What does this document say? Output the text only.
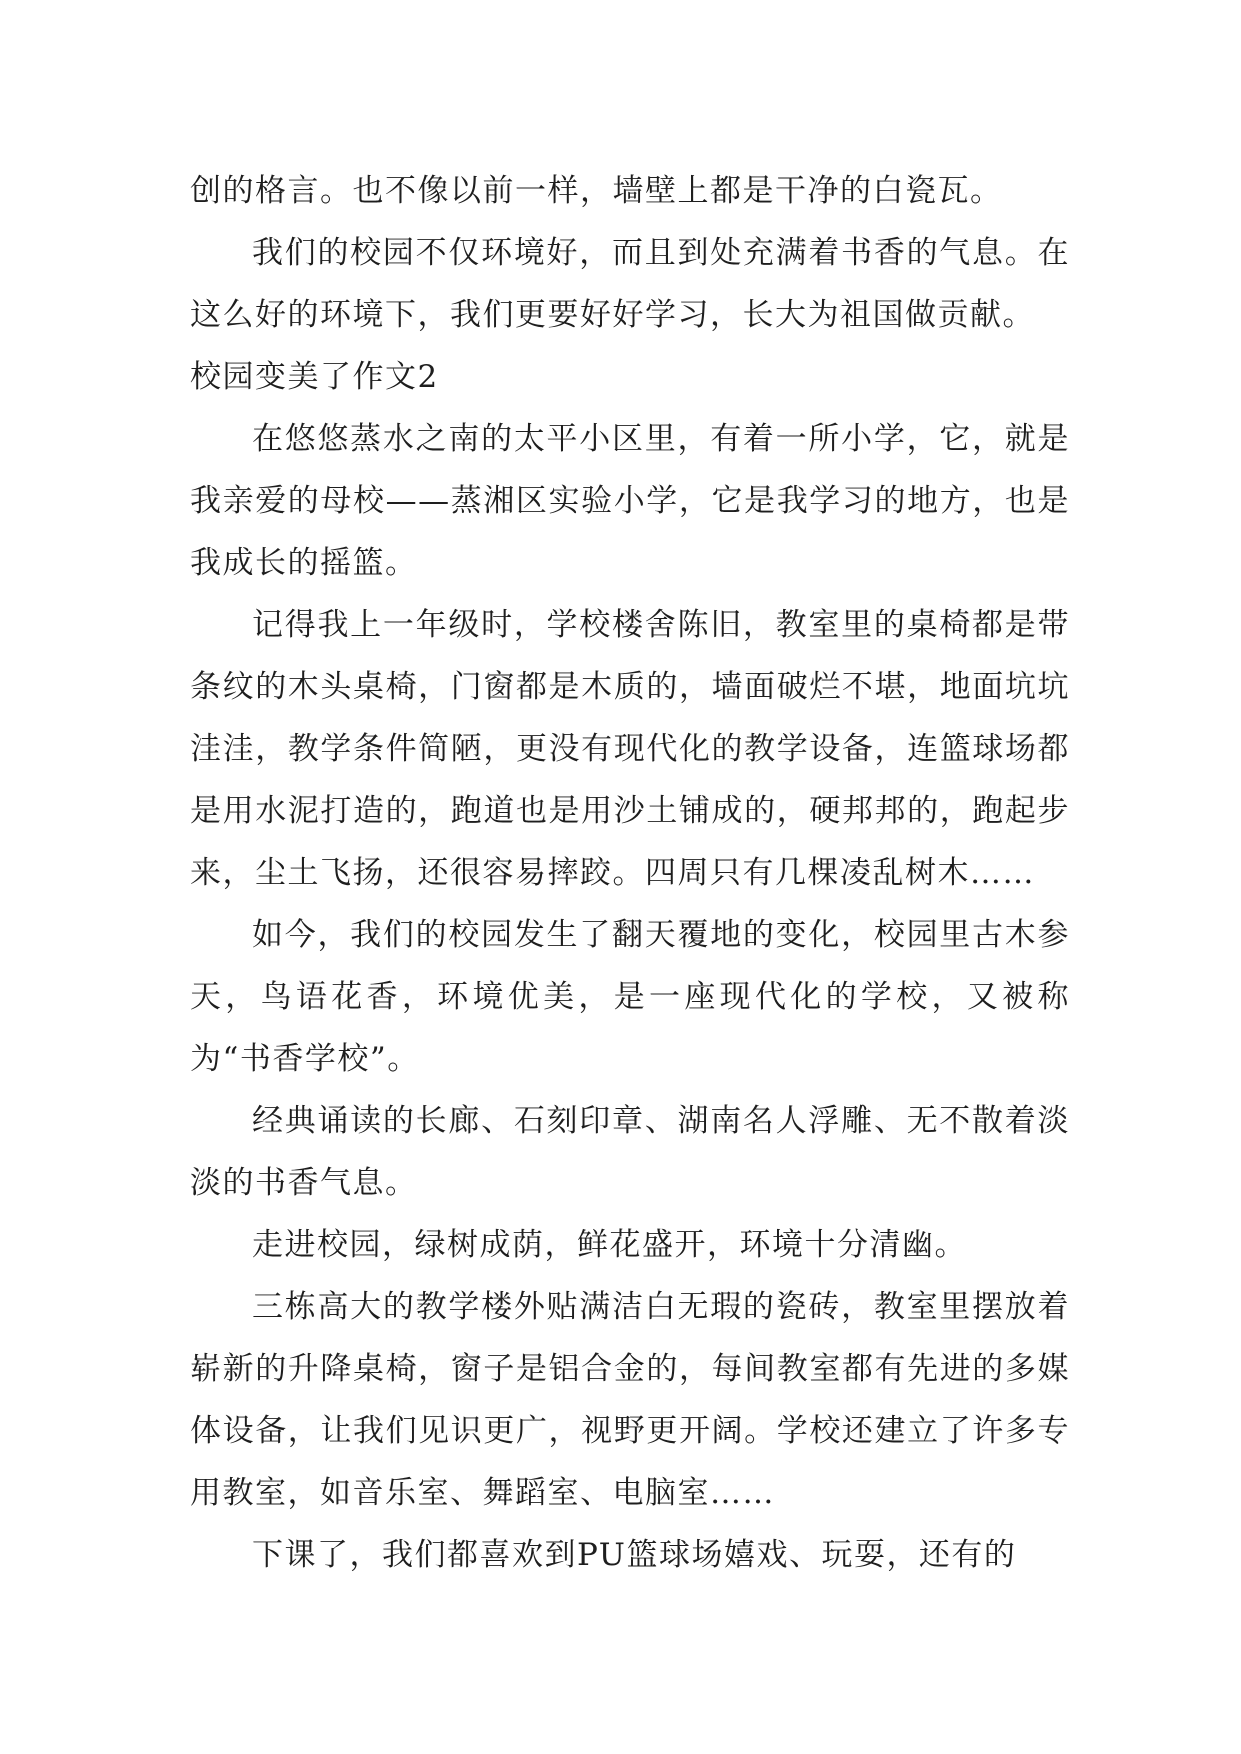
创的格言。也不像以前一样，墙壁上都是干净的白瓷瓦。

我们的校园不仅环境好，而且到处充满着书香的气息。在这么好的环境下，我们更要好好学习，长大为祖国做贡献。

校园变美了作文2

在悠悠蒸水之南的太平小区里，有着一所小学，它，就是我亲爱的母校——蒸湘区实验小学，它是我学习的地方，也是我成长的摇篮。

记得我上一年级时，学校楼舍陈旧，教室里的桌椅都是带条纹的木头桌椅，门窗都是木质的，墙面破烂不堪，地面坑坑洼洼，教学条件简陋，更没有现代化的教学设备，连篮球场都是用水泥打造的，跑道也是用沙土铺成的，硬邦邦的，跑起步来，尘土飞扬，还很容易摔跤。四周只有几棵凌乱树木……

如今，我们的校园发生了翻天覆地的变化，校园里古木参天，鸟语花香，环境优美，是一座现代化的学校，又被称为“书香学校”。

经典诵读的长廊、石刻印章、湖南名人浮雕、无不散着淡淡的书香气息。

走进校园，绿树成荫，鲜花盛开，环境十分清幽。

三栋高大的教学楼外贴满洁白无瑕的瓷砖，教室里摆放着崭新的升降桌椅，窗子是铝合金的，每间教室都有先进的多媒体设备，让我们见识更广，视野更开阔。学校还建立了许多专用教室，如音乐室、舞蹈室、电脑室……

下课了，我们都喜欢到PU篮球场嬉戏、玩耍，还有的
